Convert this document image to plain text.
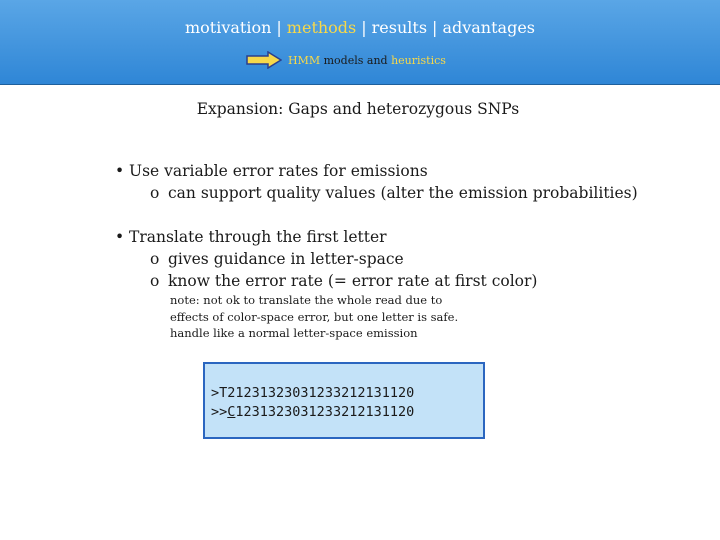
motivation | methods | results | advantages
HMM
models and
heuristics
Expansion: Gaps and heterozygous SNPs
• Use variable error rates for emissions
o can support quality values (alter the emission probabilities)
• Translate through the first letter
o gives guidance in letter-space
o know the error rate (= error rate at first color)
note: not ok to translate the whole read due to
effects of color-space error, but one letter is safe.
handle like a normal letter-space emission
>T21231323031233212131120
>>C1231323031233212131120
